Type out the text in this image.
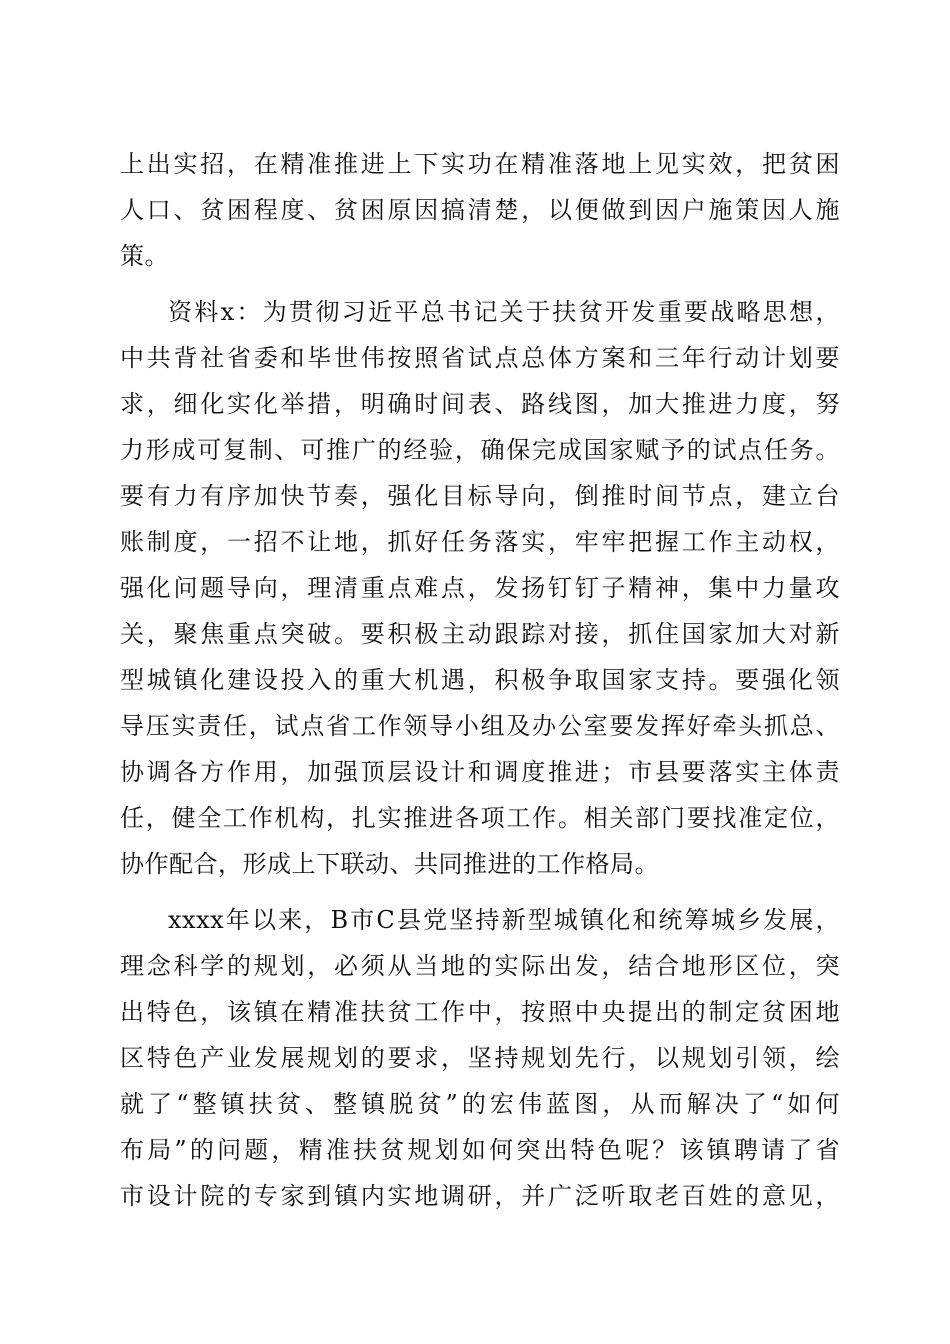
上出实招，在精准推进上下实功在精准落地上见实效，把贫困
人口、贫困程度、贫困原因搞清楚，以便做到因户施策因人施
策。
资料x：为贯彻习近平总书记关于扶贫开发重要战略思想，
中共背社省委和毕世伟按照省试点总体方案和三年行动计划要
求，细化实化举措，明确时间表、路线图，加大推进力度，努
力形成可复制、可推广的经验，确保完成国家赋予的试点任务。
要有力有序加快节奏，强化目标导向，倒推时间节点，建立台
账制度，一招不让地，抓好任务落实，牢牢把握工作主动权，
强化问题导向，理清重点难点，发扬钉钉子精神，集中力量攻
关，聚焦重点突破。要积极主动跟踪对接，抓住国家加大对新
型城镇化建设投入的重大机遇，积极争取国家支持。要强化领
导压实责任，试点省工作领导小组及办公室要发挥好牵头抓总、
协调各方作用，加强顶层设计和调度推进；市县要落实主体责
任，健全工作机构，扎实推进各项工作。相关部门要找准定位，
协作配合，形成上下联动、共同推进的工作格局。
xxxx年以来，B市C县党坚持新型城镇化和统筹城乡发展，
理念科学的规划，必须从当地的实际出发，结合地形区位，突
出特色，该镇在精准扶贫工作中，按照中央提出的制定贫困地
区特色产业发展规划的要求，坚持规划先行，以规划引领，绘
就了“整镇扶贫、整镇脱贫”的宏伟蓝图，从而解决了“如何
布局”的问题，精准扶贫规划如何突出特色呢？该镇聘请了省
市设计院的专家到镇内实地调研，并广泛听取老百姓的意见，
